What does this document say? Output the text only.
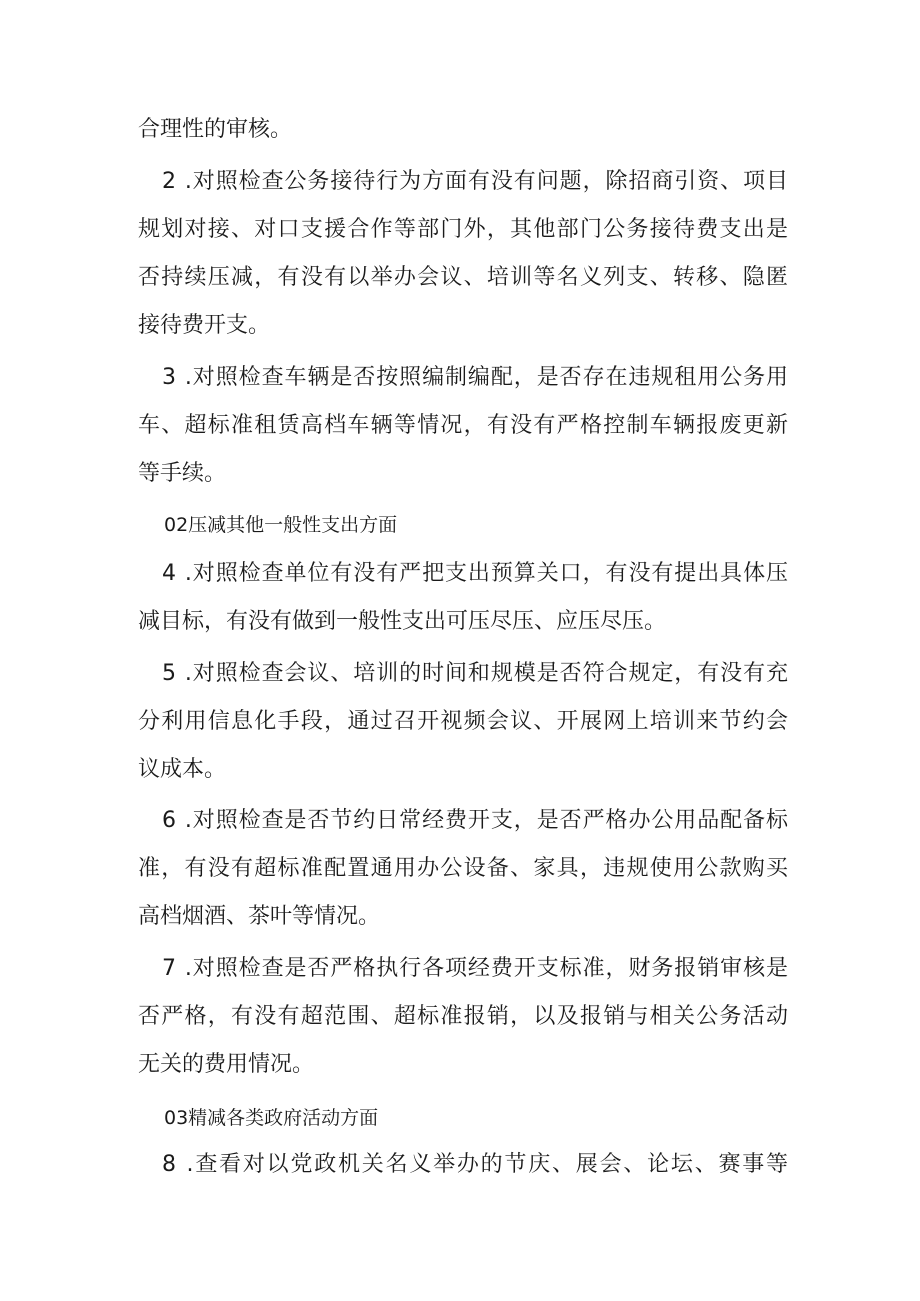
合理性的审核。
2 .对照检查公务接待行为方面有没有问题，除招商引资、项目
规划对接、对口支援合作等部门外，其他部门公务接待费支出是
否持续压减，有没有以举办会议、培训等名义列支、转移、隐匿
接待费开支。
3 .对照检查车辆是否按照编制编配，是否存在违规租用公务用
车、超标准租赁高档车辆等情况，有没有严格控制车辆报废更新
等手续。
02压减其他一般性支出方面
4 .对照检查单位有没有严把支出预算关口，有没有提出具体压
减目标，有没有做到一般性支出可压尽压、应压尽压。
5 .对照检查会议、培训的时间和规模是否符合规定，有没有充
分利用信息化手段，通过召开视频会议、开展网上培训来节约会
议成本。
6 .对照检查是否节约日常经费开支，是否严格办公用品配备标
准，有没有超标准配置通用办公设备、家具，违规使用公款购买
高档烟酒、茶叶等情况。
7 .对照检查是否严格执行各项经费开支标准，财务报销审核是
否严格，有没有超范围、超标准报销，以及报销与相关公务活动
无关的费用情况。
03精减各类政府活动方面
8 .查看对以党政机关名义举办的节庆、展会、论坛、赛事等
